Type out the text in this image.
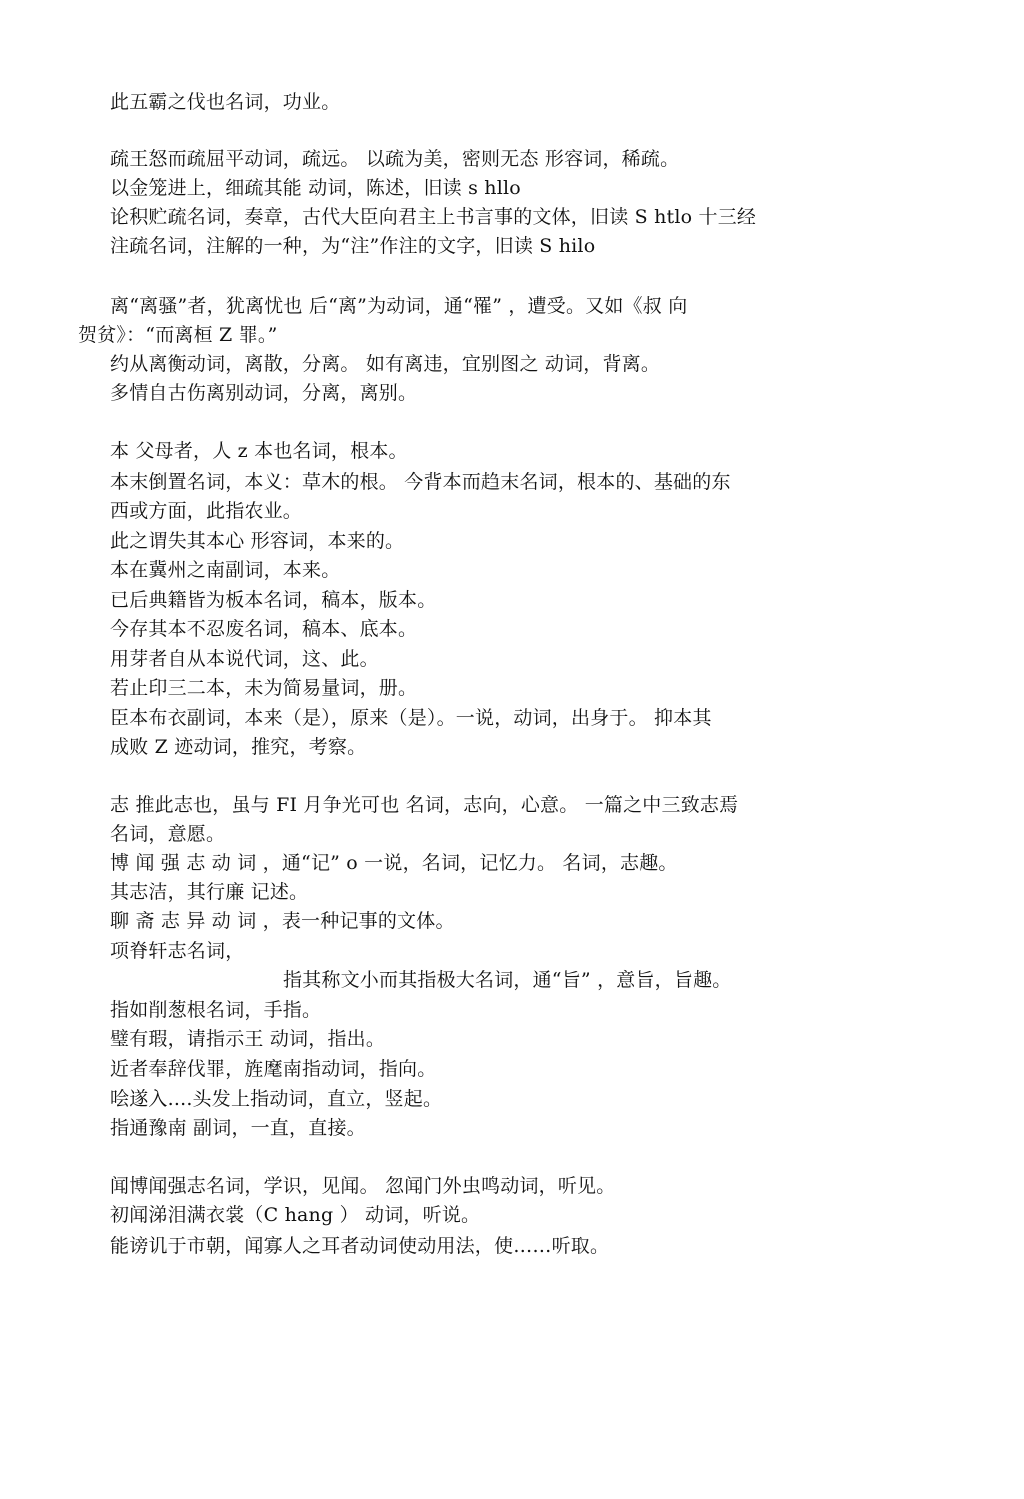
此五霸之伐也名词，功业。
疏王怒而疏屈平动词，疏远。 以疏为美，密则无态 形容词，稀疏。
以金笼进上，细疏其能 动词，陈述，旧读 s hllo
论积贮疏名词，奏章，古代大臣向君主上书言事的文体，旧读 S htlo 十三经
注疏名词，注解的一种，为“注”作注的文字，旧读 S hilo
离“离骚”者，犹离忧也 后“离”为动词，通“罹” ，遭受。又如《叔 向
贺贫》：“而离桓 Z 罪。”
约从离衡动词，离散，分离。 如有离违，宜别图之 动词，背离。
多情自古伤离别动词，分离，离别。
本 父母者，人 z 本也名词，根本。
本末倒置名词，本义：草木的根。 今背本而趋末名词，根本的、基础的东
西或方面，此指农业。
此之谓失其本心 形容词，本来的。
本在冀州之南副词，本来。
已后典籍皆为板本名词，稿本，版本。
今存其本不忍废名词，稿本、底本。
用芽者自从本说代词，这、此。
若止印三二本，未为简易量词，册。
臣本布衣副词，本来（是），原来（是）。一说，动词，出身于。 抑本其
成败 Z 迹动词，推究，考察。
志 推此志也，虽与 FI 月争光可也 名词，志向，心意。 一篇之中三致志焉
名词，意愿。
博 闻 强 志 动 词 ，通“记” o 一说，名词，记忆力。 名词，志趣。
其志洁，其行廉 记述。
聊 斋 志 异 动 词 ，表一种记事的文体。
项脊轩志名词，
指其称文小而其指极大名词，通“旨” ，意旨，旨趣。
指如削葱根名词，手指。
璧有瑕，请指示王 动词，指出。
近者奉辞伐罪，旌麾南指动词，指向。
哙遂入....头发上指动词，直立，竖起。
指通豫南 副词，一直，直接。
闻博闻强志名词，学识，见闻。 忽闻门外虫鸣动词，听见。
初闻涕泪满衣裳（C hang ） 动词，听说。
能谤讥于市朝，闻寡人之耳者动词使动用法，使……听取。
